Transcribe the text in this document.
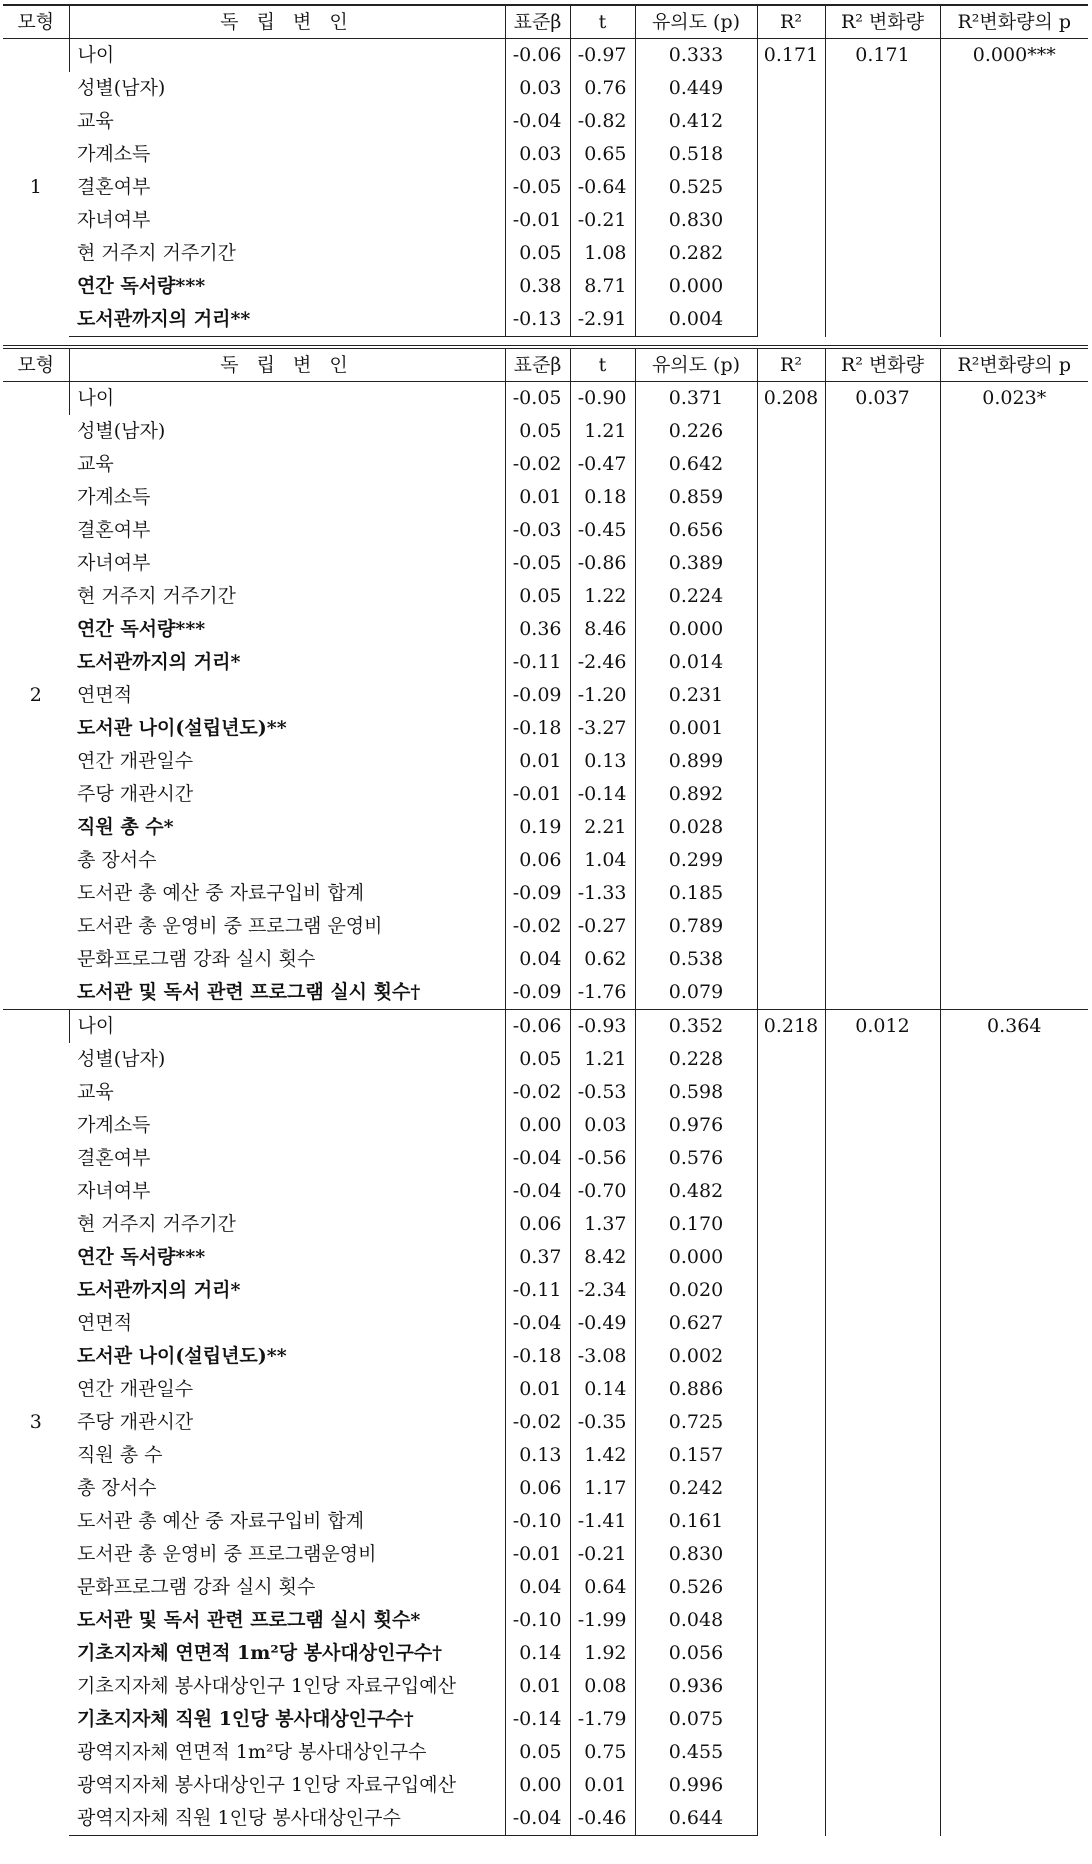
모형	독 립 변 인	표준β	t	유의도 (p)	R²	R² 변화량	R²변화량의 p
1	나이	-0.06	-0.97	0.333	0.171	0.171	0.000***
	성별(남자)	0.03	0.76	0.449			
	교육	-0.04	-0.82	0.412			
	가계소득	0.03	0.65	0.518			
	결혼여부	-0.05	-0.64	0.525			
	자녀여부	-0.01	-0.21	0.830			
	현 거주지 거주기간	0.05	1.08	0.282			
	연간 독서량***	0.38	8.71	0.000			
	도서관까지의 거리**	-0.13	-2.91	0.004			
모형	독 립 변 인	표준β	t	유의도 (p)	R²	R² 변화량	R²변화량의 p
2	나이	-0.05	-0.90	0.371	0.208	0.037	0.023*
	성별(남자)	0.05	1.21	0.226			
	교육	-0.02	-0.47	0.642			
	가계소득	0.01	0.18	0.859			
	결혼여부	-0.03	-0.45	0.656			
	자녀여부	-0.05	-0.86	0.389			
	현 거주지 거주기간	0.05	1.22	0.224			
	연간 독서량***	0.36	8.46	0.000			
	도서관까지의 거리*	-0.11	-2.46	0.014			
	연면적	-0.09	-1.20	0.231			
	도서관 나이(설립년도)**	-0.18	-3.27	0.001			
	연간 개관일수	0.01	0.13	0.899			
	주당 개관시간	-0.01	-0.14	0.892			
	직원 총 수*	0.19	2.21	0.028			
	총 장서수	0.06	1.04	0.299			
	도서관 총 예산 중 자료구입비 합계	-0.09	-1.33	0.185			
	도서관 총 운영비 중 프로그램 운영비	-0.02	-0.27	0.789			
	문화프로그램 강좌 실시 횟수	0.04	0.62	0.538			
	도서관 및 독서 관련 프로그램 실시 횟수†	-0.09	-1.76	0.079			
3	나이	-0.06	-0.93	0.352	0.218	0.012	0.364
	성별(남자)	0.05	1.21	0.228			
	교육	-0.02	-0.53	0.598			
	가계소득	0.00	0.03	0.976			
	결혼여부	-0.04	-0.56	0.576			
	자녀여부	-0.04	-0.70	0.482			
	현 거주지 거주기간	0.06	1.37	0.170			
	연간 독서량***	0.37	8.42	0.000			
	도서관까지의 거리*	-0.11	-2.34	0.020			
	연면적	-0.04	-0.49	0.627			
	도서관 나이(설립년도)**	-0.18	-3.08	0.002			
	연간 개관일수	0.01	0.14	0.886			
	주당 개관시간	-0.02	-0.35	0.725			
	직원 총 수	0.13	1.42	0.157			
	총 장서수	0.06	1.17	0.242			
	도서관 총 예산 중 자료구입비 합계	-0.10	-1.41	0.161			
	도서관 총 운영비 중 프로그램운영비	-0.01	-0.21	0.830			
	문화프로그램 강좌 실시 횟수	0.04	0.64	0.526			
	도서관 및 독서 관련 프로그램 실시 횟수*	-0.10	-1.99	0.048			
	기초지자체 연면적 1m²당 봉사대상인구수†	0.14	1.92	0.056			
	기초지자체 봉사대상인구 1인당 자료구입예산	0.01	0.08	0.936			
	기초지자체 직원 1인당 봉사대상인구수†	-0.14	-1.79	0.075			
	광역지자체 연면적 1m²당 봉사대상인구수	0.05	0.75	0.455			
	광역지자체 봉사대상인구 1인당 자료구입예산	0.00	0.01	0.996			
	광역지자체 직원 1인당 봉사대상인구수	-0.04	-0.46	0.644			
